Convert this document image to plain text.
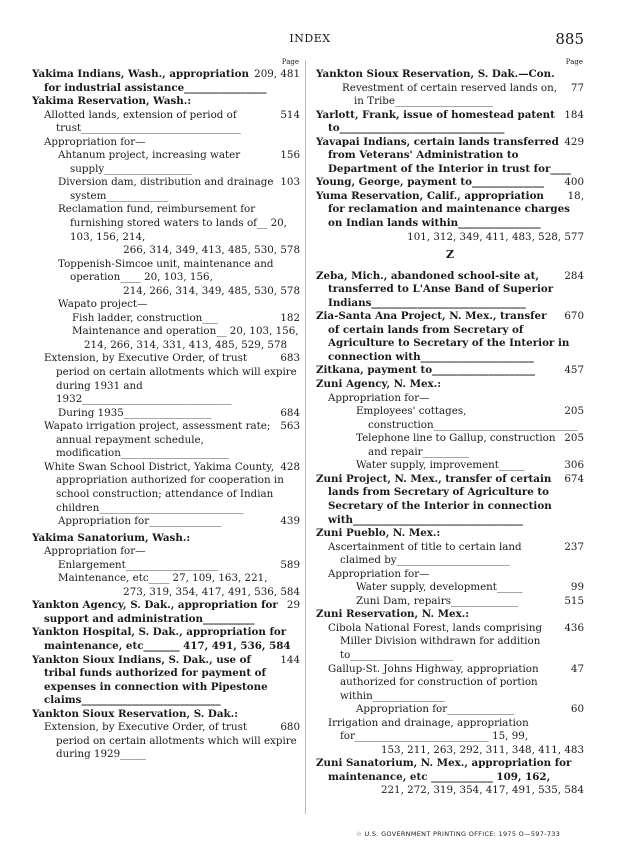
INDEX	885
Page
209, 481
Yakima Indians, Wash., appropriation for industrial assistance________________
Yakima Reservation, Wash.:
514
Allotted lands, extension of period of trust_______________________________
Appropriation for—
156
Ahtanum project, increasing water supply_________________
103
Diversion dam, distribution and drainage system____________
Reclamation fund, reimbursement for furnishing stored waters to lands of__ 20, 103, 156, 214,
266, 314, 349, 413, 485, 530, 578
Toppenish-Simcoe unit, maintenance and operation____ 20, 103, 156,
214, 266, 314, 349, 485, 530, 578
Wapato project—
182
Fish ladder, construction___
Maintenance and operation__ 20, 103, 156, 214, 266, 314, 331, 413, 485, 529, 578
683
Extension, by Executive Order, of trust period on certain allotments which will expire during 1931 and 1932_____________________________
684
During 1935_________________
563
Wapato irrigation project, assessment rate; annual repayment schedule, modification_____________________
428
White Swan School District, Yakima County, appropriation authorized for cooperation in school construction; attendance of Indian children____________________________
439
Appropriation for______________
Yakima Sanatorium, Wash.:
Appropriation for—
589
Enlargement__________________
Maintenance, etc____ 27, 109, 163, 221,
273, 319, 354, 417, 491, 536, 584
29
Yankton Agency, S. Dak., appropriation for support and administration__________
Yankton Hospital, S. Dak., appropriation for maintenance, etc_______ 417, 491, 536, 584
144
Yankton Sioux Indians, S. Dak., use of tribal funds authorized for payment of expenses in connection with Pipestone claims___________________________
Yankton Sioux Reservation, S. Dak.:
680
Extension, by Executive Order, of trust period on certain allotments which will expire during 1929_____
Page
Yankton Sioux Reservation, S. Dak.—Con.
77
Revestment of certain reserved lands on, in Tribe___________________
184
Yarlott, Frank, issue of homestead patent to________________________________
429
Yavapai Indians, certain lands transferred from Veterans' Administration to Department of the Interior in trust for____
400
Young, George, payment to______________
18,
Yuma Reservation, Calif., appropriation for reclamation and maintenance charges on Indian lands within________________
101, 312, 349, 411, 483, 528, 577
Z
284
Zeba, Mich., abandoned school-site at, transferred to L'Anse Band of Superior Indians______________________________
670
Zia-Santa Ana Project, N. Mex., transfer of certain lands from Secretary of Agriculture to Secretary of the Interior in connection with______________________
457
Zitkana, payment to____________________
Zuni Agency, N. Mex.:
Appropriation for—
205
Employees' cottages, construction____________________________
205
Telephone line to Gallup, construction and repair_________
306
Water supply, improvement_____
674
Zuni Project, N. Mex., transfer of certain lands from Secretary of Agriculture to Secretary of the Interior in connection with_________________________________
Zuni Pueblo, N. Mex.:
237
Ascertainment of title to certain land claimed by______________________
Appropriation for—
99
Water supply, development_____
515
Zuni Dam, repairs_____________
Zuni Reservation, N. Mex.:
436
Cibola National Forest, lands comprising Miller Division withdrawn for addition to____________________
47
Gallup-St. Johns Highway, appropriation authorized for construction of portion within______________
60
Appropriation for_____________
Irrigation and drainage, appropriation for__________________________ 15, 99,
153, 211, 263, 292, 311, 348, 411, 483
Zuni Sanatorium, N. Mex., appropriation for maintenance, etc ____________ 109, 162,
221, 272, 319, 354, 417, 491, 535, 584
☆ U.S. GOVERNMENT PRINTING OFFICE: 1975 O—597-733
